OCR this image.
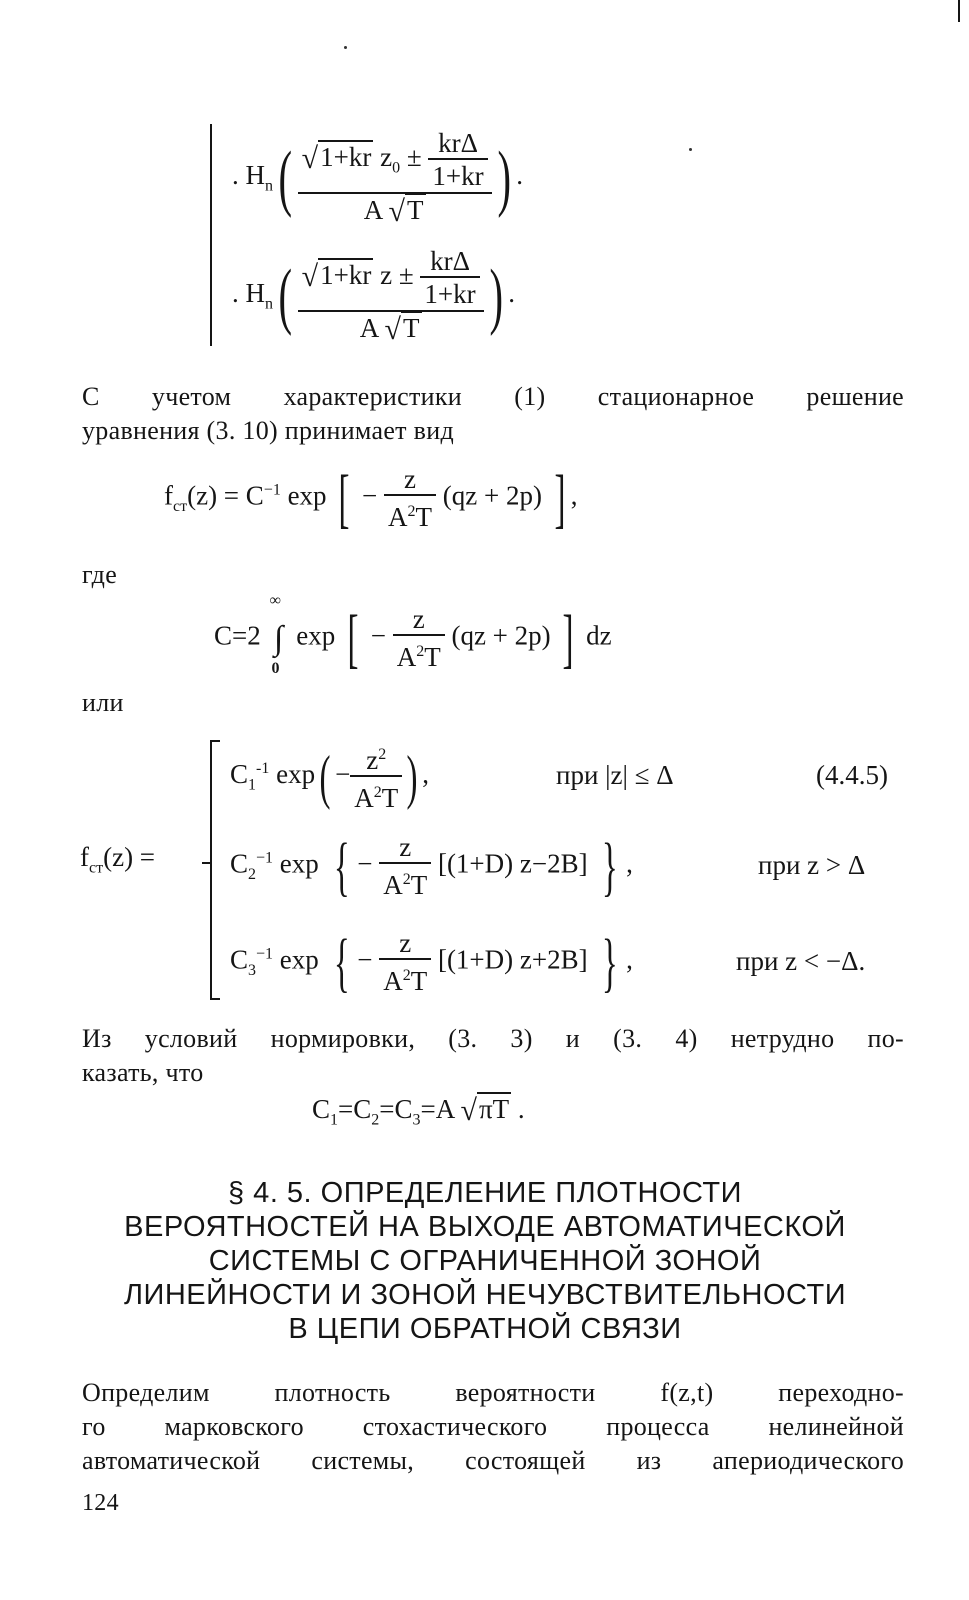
. $H_n( \frac{√1+kr z_0 \pm \frac{\text{krΔ}}{1+kr}}{A √T}$ ) .
. $H_n( \frac{√1+kr z \pm \frac{\text{krΔ}}{1+kr}}{A √T}$ ) .
С учетом характеристики (1) стационарное решение
уравнения (3. 10) принимает вид
$f_{ст}(z) = C^{-1}$ exp [ − $\frac{z}{A^2T} (qz + 2p)$ ] ,
где
C=2
∞
∫
0
exp [ − $\frac{z}{A^2T} (qz + 2p)$ ] dz
или
$f_{ст}(z)$ =
$C_1^{-1}$ $\exp( - \frac{z^2}{A^2T}$ ) ,	при |z| ≤ Δ	(4.4.5)
$C_2^{-1}$ exp { − $\frac{z}{A^2T} [(1+D)$ z−2B] } ,	при z > Δ
$C_3^{-1}$ exp { − $\frac{z}{A^2T} [(1+D)$ z+2B] } ,	при z < −Δ.
Из условий нормировки, (3. 3) и (3. 4) нетрудно по-
казать, что
$C_1=C_2=C_3=A$ √πT .
§ 4. 5. ОПРЕДЕЛЕНИЕ ПЛОТНОСТИ
ВЕРОЯТНОСТЕЙ НА ВЫХОДЕ АВТОМАТИЧЕСКОЙ
СИСТЕМЫ С ОГРАНИЧЕННОЙ ЗОНОЙ
ЛИНЕЙНОСТИ И ЗОНОЙ НЕЧУВСТВИТЕЛЬНОСТИ
В ЦЕПИ ОБРАТНОЙ СВЯЗИ
Определим плотность вероятности f(z,t) переходно-
го марковского стохастического процесса нелинейной
автоматической системы, состоящей из апериодического
124
